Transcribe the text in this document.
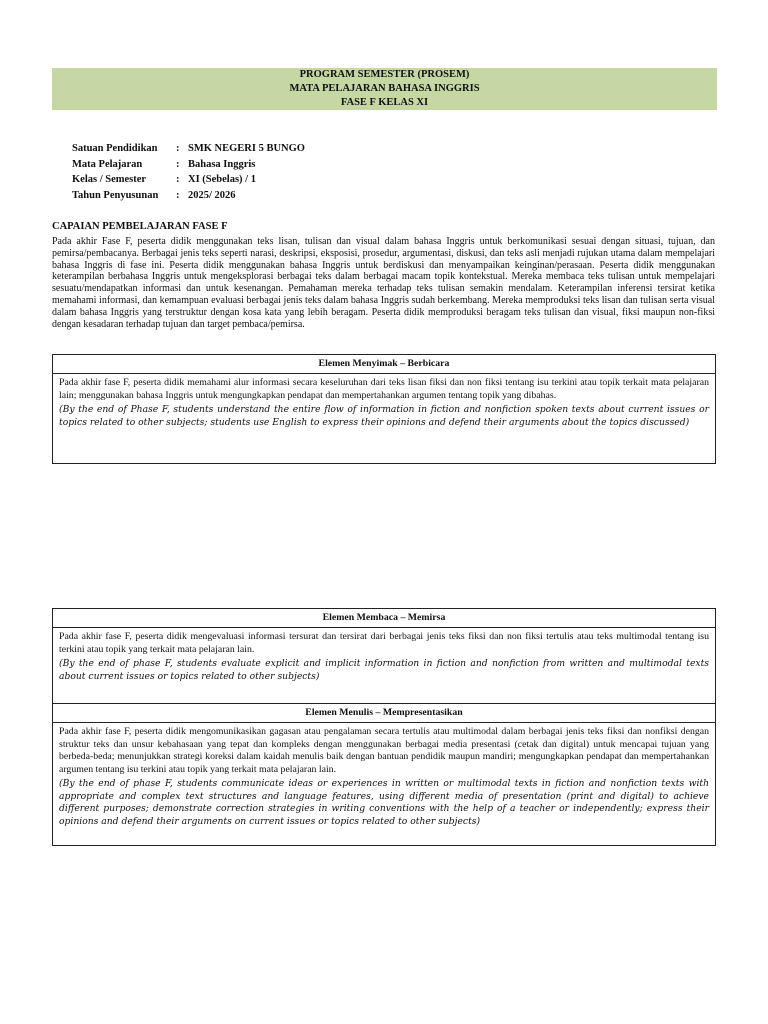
PROGRAM SEMESTER (PROSEM)
MATA PELAJARAN BAHASA INGGRIS
FASE F KELAS XI
Satuan Pendidikan	:	SMK NEGERI 5 BUNGO
Mata Pelajaran	:	Bahasa Inggris
Kelas / Semester	:	XI (Sebelas) / 1
Tahun Penyusunan	:	2025/ 2026
CAPAIAN PEMBELAJARAN FASE F
Pada akhir Fase F, peserta didik menggunakan teks lisan, tulisan dan visual dalam bahasa Inggris untuk berkomunikasi sesuai dengan situasi, tujuan, dan pemirsa/pembacanya. Berbagai jenis teks seperti narasi, deskripsi, eksposisi, prosedur, argumentasi, diskusi, dan teks asli menjadi rujukan utama dalam mempelajari bahasa Inggris di fase ini. Peserta didik menggunakan bahasa Inggris untuk berdiskusi dan menyampaikan keinginan/perasaan. Peserta didik menggunakan keterampilan berbahasa Inggris untuk mengeksplorasi berbagai teks dalam berbagai macam topik kontekstual. Mereka membaca teks tulisan untuk mempelajari sesuatu/mendapatkan informasi dan untuk kesenangan. Pemahaman mereka terhadap teks tulisan semakin mendalam. Keterampilan inferensi tersirat ketika memahami informasi, dan kemampuan evaluasi berbagai jenis teks dalam bahasa Inggris sudah berkembang. Mereka memproduksi teks lisan dan tulisan serta visual dalam bahasa Inggris yang terstruktur dengan kosa kata yang lebih beragam. Peserta didik memproduksi beragam teks tulisan dan visual, fiksi maupun non-fiksi dengan kesadaran terhadap tujuan dan target pembaca/pemirsa.
Elemen Menyimak – Berbicara
Pada akhir fase F, peserta didik memahami alur informasi secara keseluruhan dari teks lisan fiksi dan non fiksi tentang isu terkini atau topik terkait mata pelajaran lain; menggunakan bahasa Inggris untuk mengungkapkan pendapat dan mempertahankan argumen tentang topik yang dibahas.
(By the end of Phase F, students understand the entire flow of information in fiction and nonfiction spoken texts about current issues or topics related to other subjects; students use English to express their opinions and defend their arguments about the topics discussed)
Elemen Membaca – Memirsa
Pada akhir fase F, peserta didik mengevaluasi informasi tersurat dan tersirat dari berbagai jenis teks fiksi dan non fiksi tertulis atau teks multimodal tentang isu terkini atau topik yang terkait mata pelajaran lain.
(By the end of phase F, students evaluate explicit and implicit information in fiction and nonfiction from written and multimodal texts about current issues or topics related to other subjects)
Elemen Menulis – Mempresentasikan
Pada akhir fase F, peserta didik mengomunikasikan gagasan atau pengalaman secara tertulis atau multimodal dalam berbagai jenis teks fiksi dan nonfiksi dengan struktur teks dan unsur kebahasaan yang tepat dan kompleks dengan menggunakan berbagai media presentasi (cetak dan digital) untuk mencapai tujuan yang berbeda-beda; menunjukkan strategi koreksi dalam kaidah menulis baik dengan bantuan pendidik maupun mandiri; mengungkapkan pendapat dan mempertahankan argumen tentang isu terkini atau topik yang terkait mata pelajaran lain.
(By the end of phase F, students communicate ideas or experiences in written or multimodal texts in fiction and nonfiction texts with appropriate and complex text structures and language features, using different media of presentation (print and digital) to achieve different purposes; demonstrate correction strategies in writing conventions with the help of a teacher or independently; express their opinions and defend their arguments on current issues or topics related to other subjects)
